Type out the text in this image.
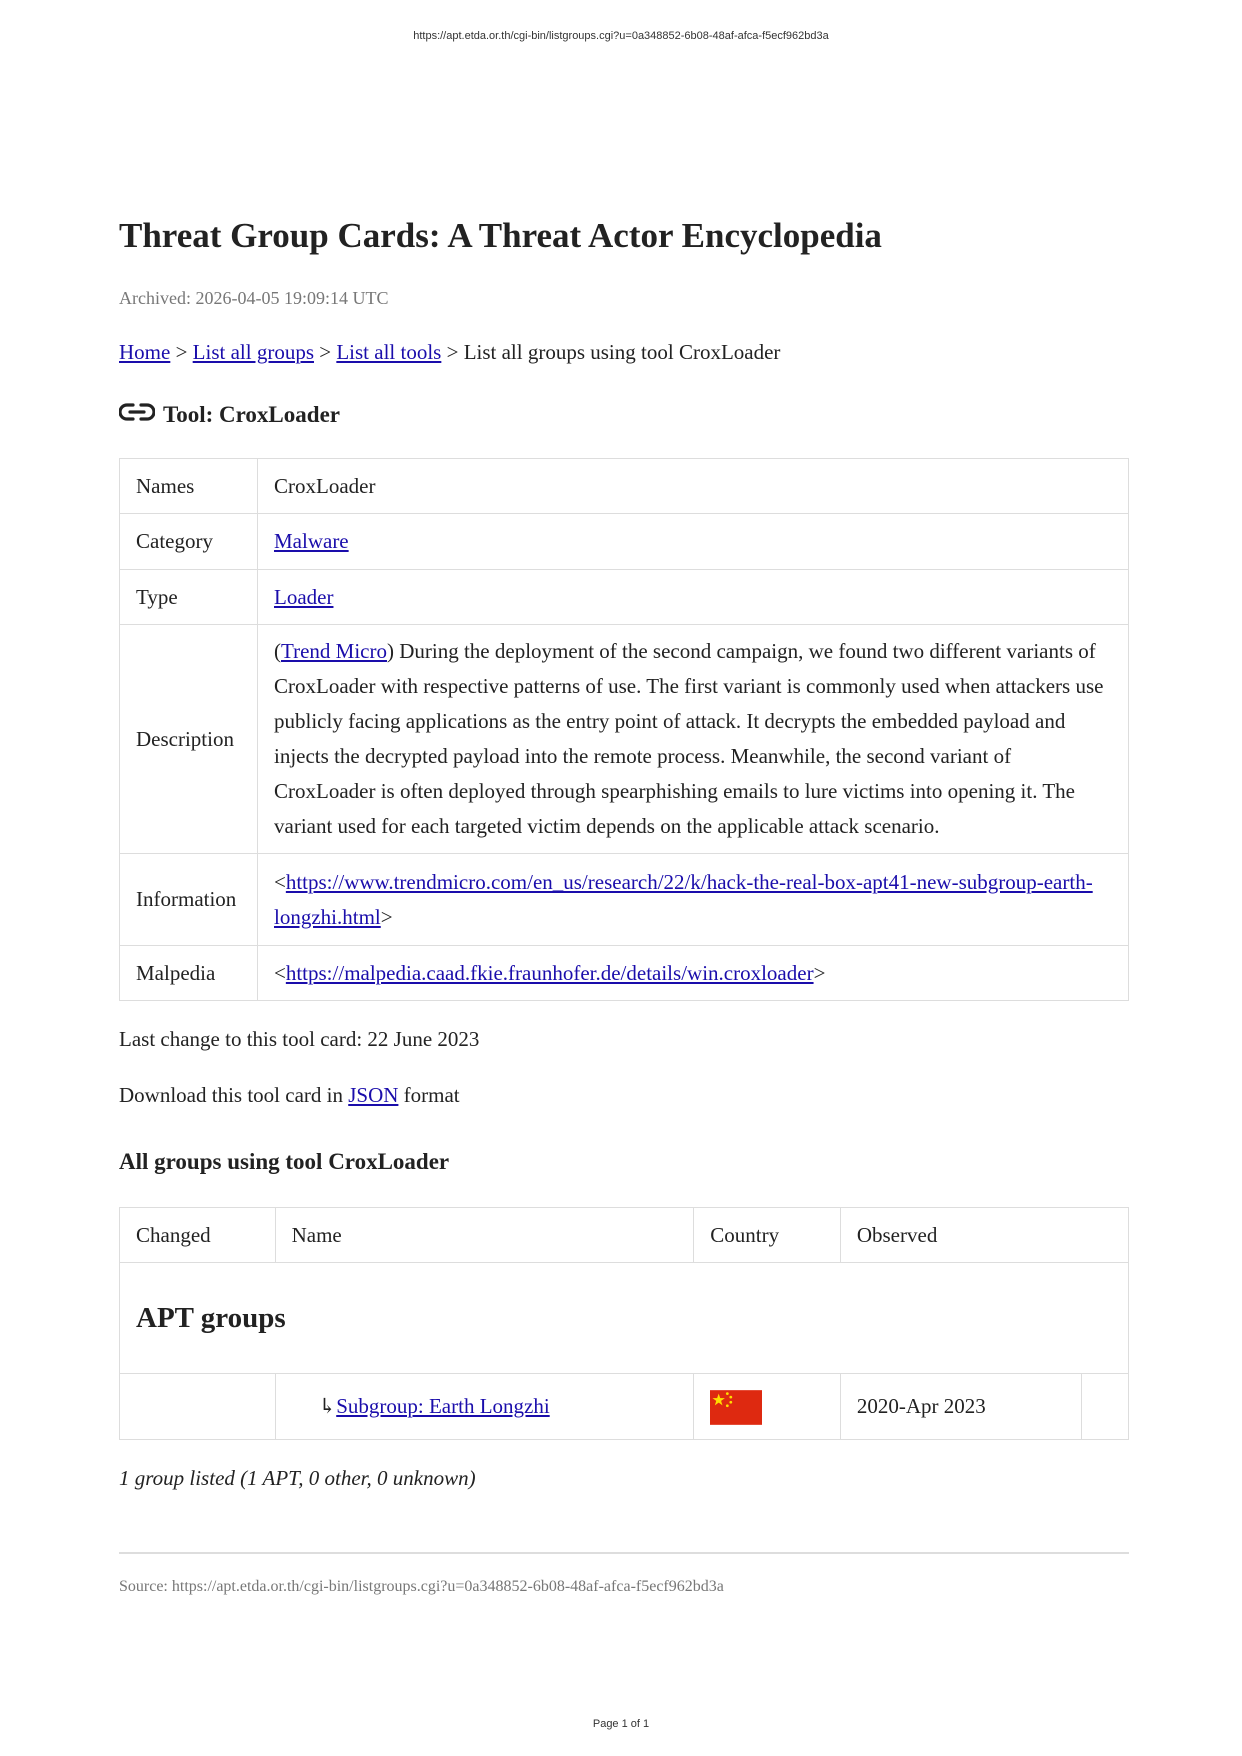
https://apt.etda.or.th/cgi-bin/listgroups.cgi?u=0a348852-6b08-48af-afca-f5ecf962bd3a
Threat Group Cards: A Threat Actor Encyclopedia
Archived: 2026-04-05 19:09:14 UTC
Home > List all groups > List all tools > List all groups using tool CroxLoader
Tool: CroxLoader
Names	CroxLoader
Category	Malware
Type	Loader
Description	(Trend Micro) During the deployment of the second campaign, we found two different variants of CroxLoader with respective patterns of use. The first variant is commonly used when attackers use publicly facing applications as the entry point of attack. It decrypts the embedded payload and injects the decrypted payload into the remote process. Meanwhile, the second variant of CroxLoader is often deployed through spearphishing emails to lure victims into opening it. The variant used for each targeted victim depends on the applicable attack scenario.
Information	<https://www.trendmicro.com/en_us/research/22/k/hack-the-real-box-apt41-new-subgroup-earth-longzhi.html>
Malpedia	<https://malpedia.caad.fkie.fraunhofer.de/details/win.croxloader>
Last change to this tool card: 22 June 2023
Download this tool card in JSON format
All groups using tool CroxLoader
Changed	Name	Country	Observed	
APT groups				
	↳Subgroup: Earth Longzhi		2020-Apr 2023	
1 group listed (1 APT, 0 other, 0 unknown)
Source: https://apt.etda.or.th/cgi-bin/listgroups.cgi?u=0a348852-6b08-48af-afca-f5ecf962bd3a
Page 1 of 1
